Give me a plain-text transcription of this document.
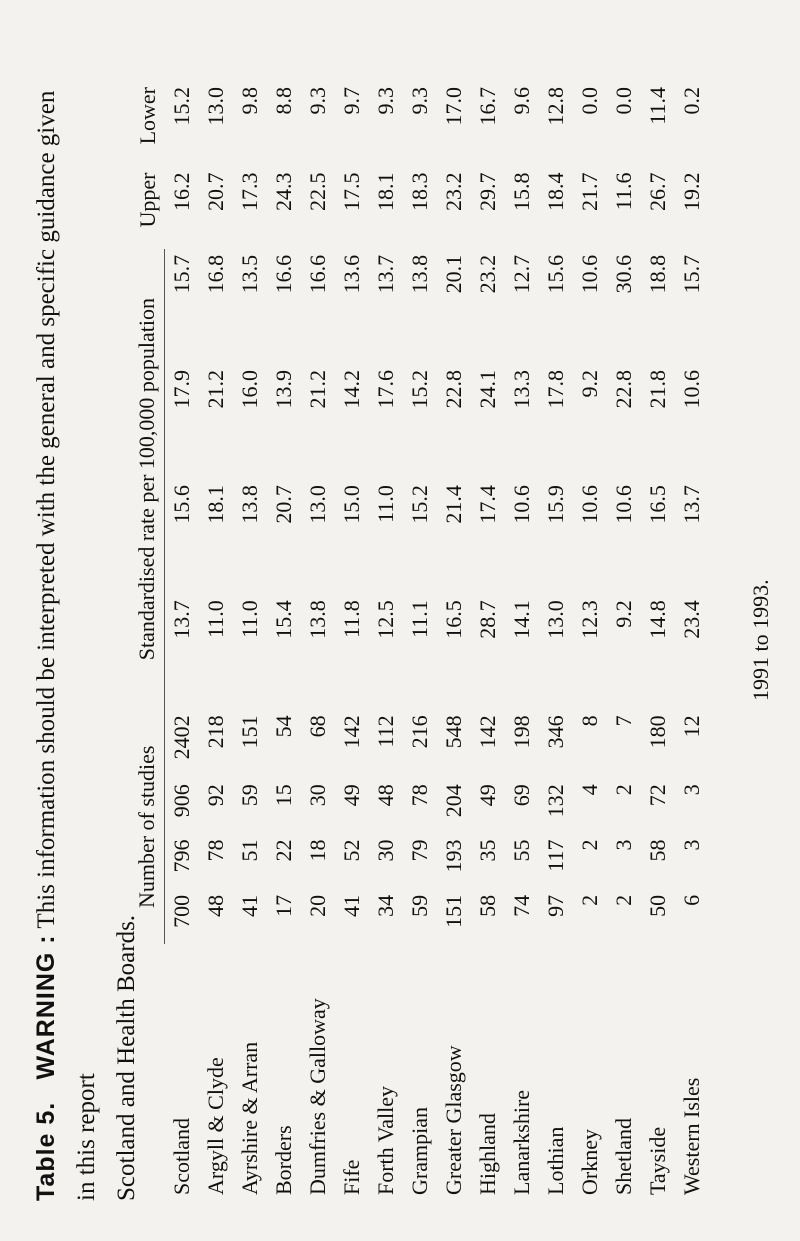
Table 5. WARNING : This information should be interpreted with the general and specific guidance given in this report Scotland and Health Boards.
	Number of studies				Standardised rate per 100,000 population				Upper	Lower
Scotland	700	796	906	2402	13.7	15.6	17.9	15.7	16.2	15.2
Argyll & Clyde	48	78	92	218	11.0	18.1	21.2	16.8	20.7	13.0
Ayrshire & Arran	41	51	59	151	11.0	13.8	16.0	13.5	17.3	9.8
Borders	17	22	15	54	15.4	20.7	13.9	16.6	24.3	8.8
Dumfries & Galloway	20	18	30	68	13.8	13.0	21.2	16.6	22.5	9.3
Fife	41	52	49	142	11.8	15.0	14.2	13.6	17.5	9.7
Forth Valley	34	30	48	112	12.5	11.0	17.6	13.7	18.1	9.3
Grampian	59	79	78	216	11.1	15.2	15.2	13.8	18.3	9.3
Greater Glasgow	151	193	204	548	16.5	21.4	22.8	20.1	23.2	17.0
Highland	58	35	49	142	28.7	17.4	24.1	23.2	29.7	16.7
Lanarkshire	74	55	69	198	14.1	10.6	13.3	12.7	15.8	9.6
Lothian	97	117	132	346	13.0	15.9	17.8	15.6	18.4	12.8
Orkney	2	2	4	8	12.3	10.6	9.2	10.6	21.7	0.0
Shetland	2	3	2	7	9.2	10.6	22.8	30.6	11.6	0.0
Tayside	50	58	72	180	14.8	16.5	21.8	18.8	26.7	11.4
Western Isles	6	3	3	12	23.4	13.7	10.6	15.7	19.2	0.2
1991 to 1993.
